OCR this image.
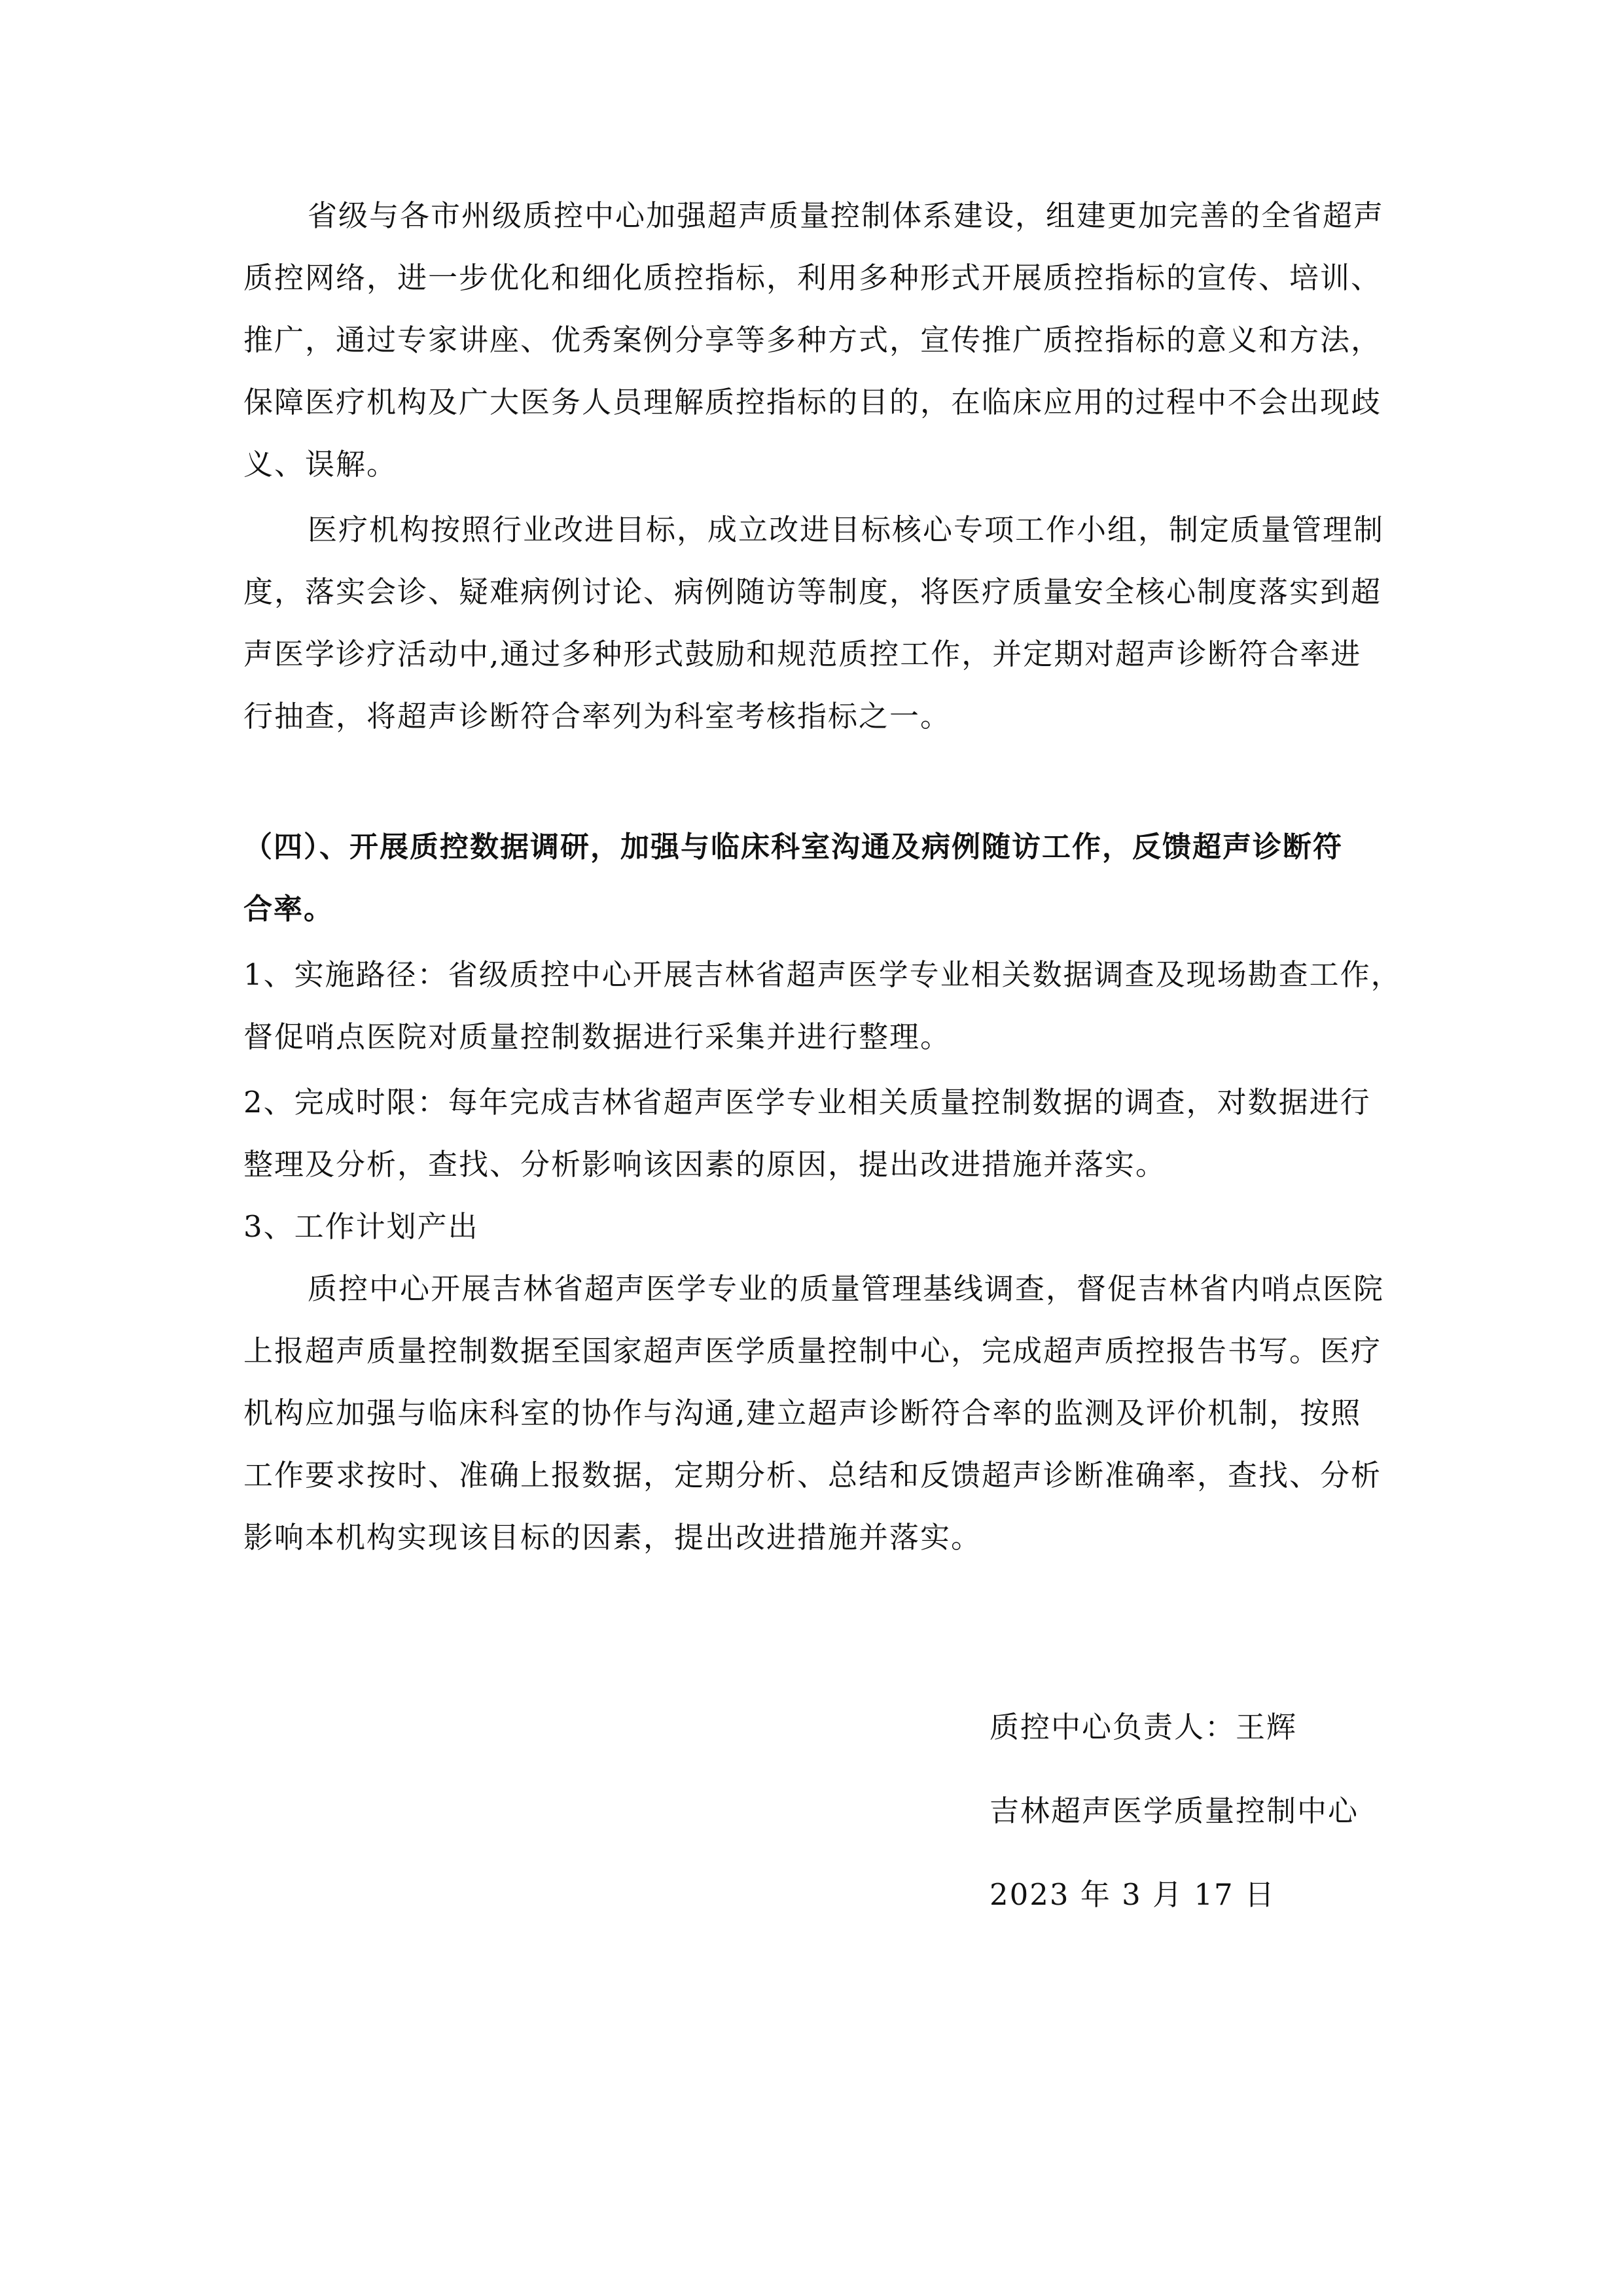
省级与各市州级质控中心加强超声质量控制体系建设，组建更加完善的全省超声
质控网络，进一步优化和细化质控指标，利用多种形式开展质控指标的宣传、培训、
推广，通过专家讲座、优秀案例分享等多种方式，宣传推广质控指标的意义和方法，
保障医疗机构及广大医务人员理解质控指标的目的，在临床应用的过程中不会出现歧
义、误解。
医疗机构按照行业改进目标，成立改进目标核心专项工作小组，制定质量管理制
度，落实会诊、疑难病例讨论、病例随访等制度，将医疗质量安全核心制度落实到超
声医学诊疗活动中,通过多种形式鼓励和规范质控工作，并定期对超声诊断符合率进
行抽查，将超声诊断符合率列为科室考核指标之一。
（四）、开展质控数据调研，加强与临床科室沟通及病例随访工作，反馈超声诊断符
合率。
1、实施路径：省级质控中心开展吉林省超声医学专业相关数据调查及现场勘查工作，
督促哨点医院对质量控制数据进行采集并进行整理。
2、完成时限：每年完成吉林省超声医学专业相关质量控制数据的调查，对数据进行
整理及分析，查找、分析影响该因素的原因，提出改进措施并落实。
3、工作计划产出
质控中心开展吉林省超声医学专业的质量管理基线调查，督促吉林省内哨点医院
上报超声质量控制数据至国家超声医学质量控制中心，完成超声质控报告书写。医疗
机构应加强与临床科室的协作与沟通,建立超声诊断符合率的监测及评价机制，按照
工作要求按时、准确上报数据，定期分析、总结和反馈超声诊断准确率，查找、分析
影响本机构实现该目标的因素，提出改进措施并落实。
质控中心负责人：王辉
吉林超声医学质量控制中心
2023 年 3 月 17 日
